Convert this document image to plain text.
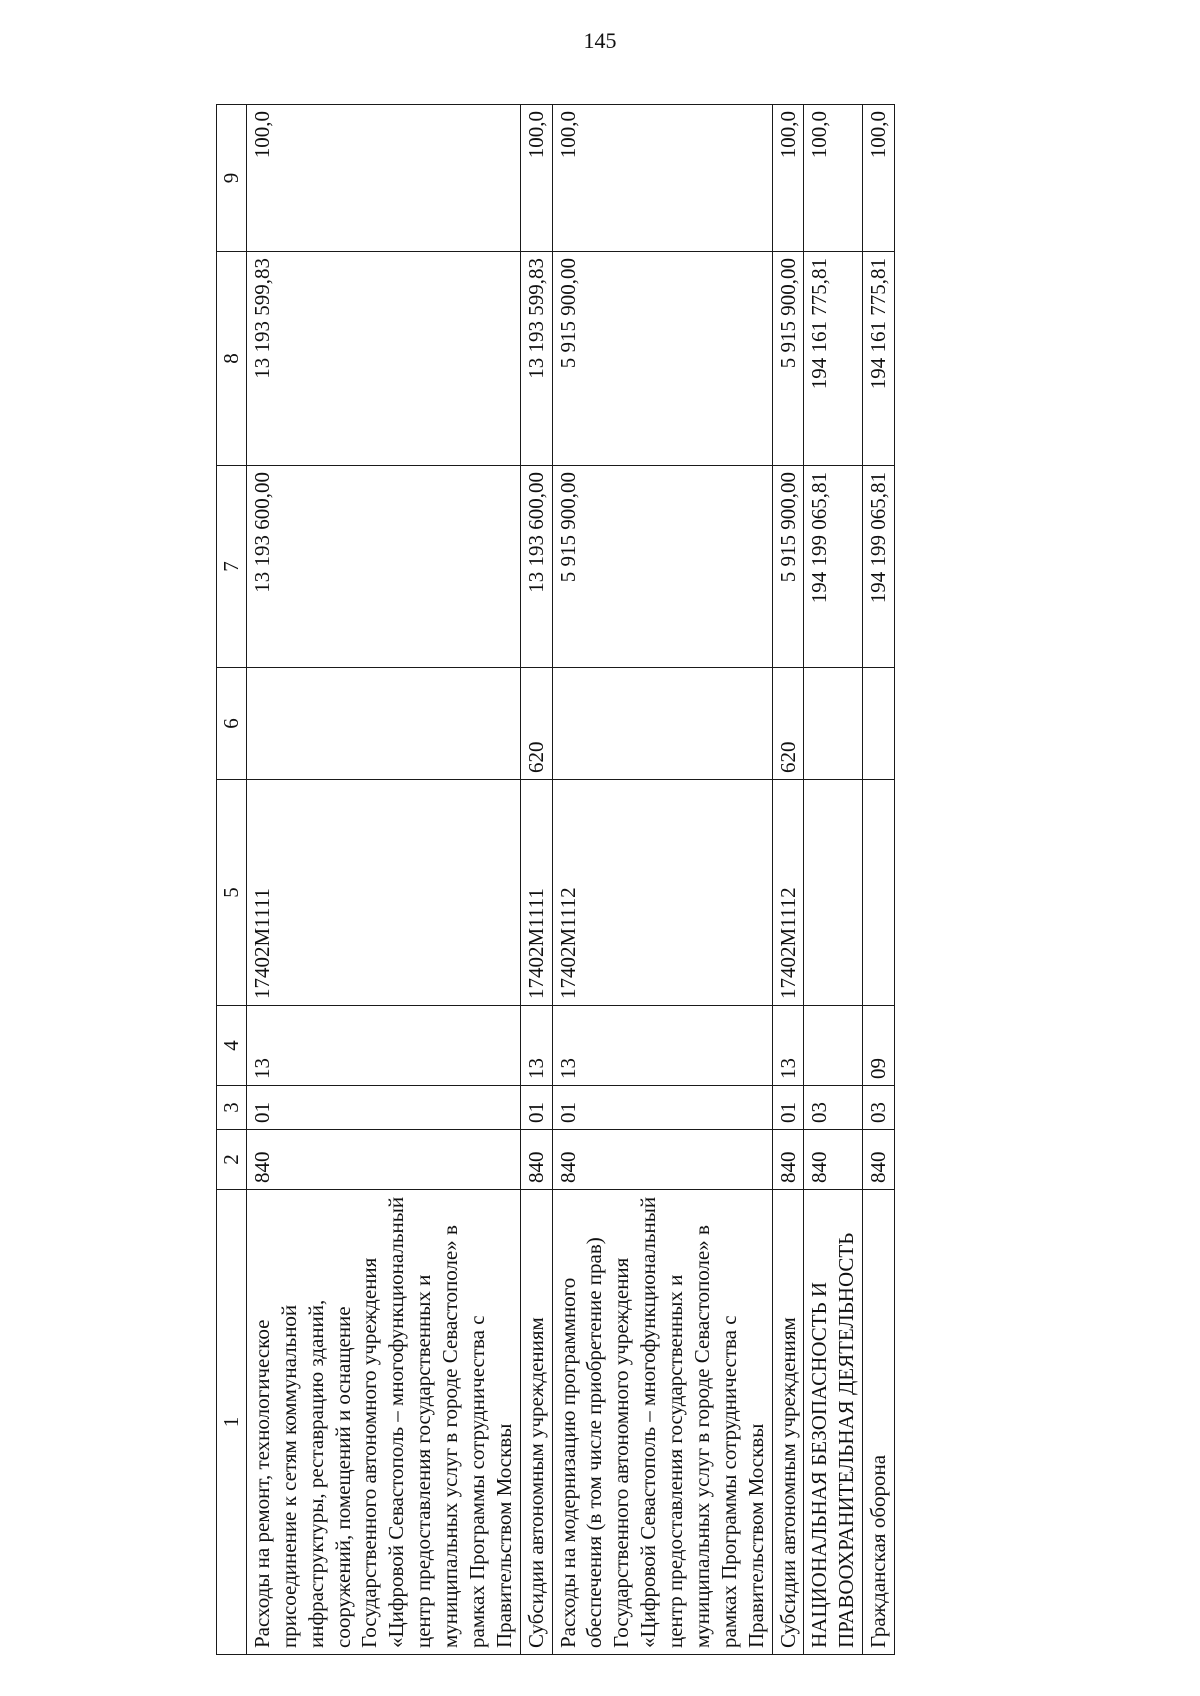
145
1	2	3	4	5	6	7	8	9
Расходы на ремонт, технологическое присоединение к сетям коммунальной инфраструктуры, реставрацию зданий, сооружений, помещений и оснащение Государственного автономного учреждения «Цифровой Севастополь – многофункциональный центр предоставления государственных и муниципальных услуг в городе Севастополе» в рамках Программы сотрудничества с Правительством Москвы	840	01	13	17402М1111		13 193 600,00	13 193 599,83	100,0
Субсидии автономным учреждениям	840	01	13	17402М1111	620	13 193 600,00	13 193 599,83	100,0
Расходы на модернизацию программного обеспечения (в том числе приобретение прав) Государственного автономного учреждения «Цифровой Севастополь – многофункциональный центр предоставления государственных и муниципальных услуг в городе Севастополе» в рамках Программы сотрудничества с Правительством Москвы	840	01	13	17402М1112		5 915 900,00	5 915 900,00	100,0
Субсидии автономным учреждениям	840	01	13	17402М1112	620	5 915 900,00	5 915 900,00	100,0
НАЦИОНАЛЬНАЯ БЕЗОПАСНОСТЬ И ПРАВООХРАНИТЕЛЬНАЯ ДЕЯТЕЛЬНОСТЬ	840	03				194 199 065,81	194 161 775,81	100,0
Гражданская оборона	840	03	09			194 199 065,81	194 161 775,81	100,0
